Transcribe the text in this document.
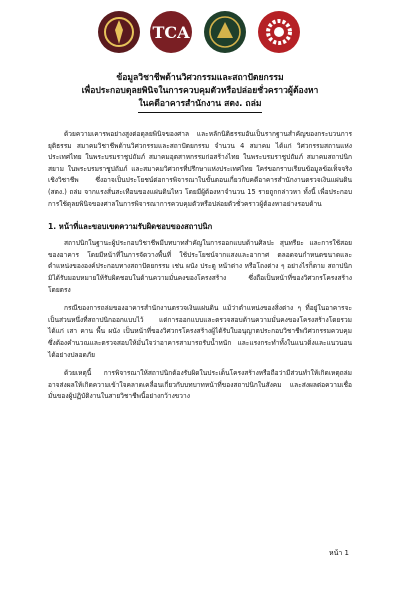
TCA
ข้อมูลวิชาชีพด้านวิศวกรรมและสถาปัตยกรรม
เพื่อประกอบดุลยพินิจในการควบคุมตัวหรือปล่อยชั่วคราวผู้ต้องหา
ในคดีอาคารสำนักงาน สตง. ถล่ม

ด้วยความเคารพอย่างสูงต่อดุลยพินิจของศาล และหลักนิติธรรมอันเป็นรากฐานสำคัญของกระบวนการยุติธรรม สมาคมวิชาชีพด้านวิศวกรรมและสถาปัตยกรรม จำนวน 4 สมาคม ได้แก่ วิศวกรรมสถานแห่งประเทศไทย ในพระบรมราชูปถัมภ์ สมาคมอุตสาหกรรมก่อสร้างไทย ในพระบรมราชูปถัมภ์ สมาคมสถาปนิกสยาม ในพระบรมราชูปถัมภ์ และสมาคมวิศวกรที่ปรึกษาแห่งประเทศไทย ใคร่ขอกราบเรียนข้อมูลข้อเท็จจริงเชิงวิชาชีพ ซึ่งอาจเป็นประโยชน์ต่อการพิจารณาในขั้นตอนเกี่ยวกับคดีอาคารสำนักงานตรวจเงินแผ่นดิน (สตง.) ถล่ม จากแรงสั่นสะเทือนของแผ่นดินไหว โดยมีผู้ต้องหาจำนวน 15 รายถูกกล่าวหา ทั้งนี้ เพื่อประกอบการใช้ดุลยพินิจของศาลในการพิจารณาการควบคุมตัวหรือปล่อยตัวชั่วคราวผู้ต้องหาอย่างรอบด้าน

1. หน้าที่และขอบเขตความรับผิดชอบของสถาปนิก

สถาปนิกในฐานะผู้ประกอบวิชาชีพมีบทบาทสำคัญในการออกแบบด้านศิลปะ สุนทรียะ และการใช้สอยของอาคาร โดยมีหน้าที่ในการจัดวางพื้นที่ ใช้ประโยชน์จากแสงและอากาศ ตลอดจนกำหนดขนาดและตำแหน่งขององค์ประกอบทางสถาปัตยกรรม เช่น ผนัง ประตู หน้าต่าง หรือโถงต่าง ๆ อย่างไรก็ตาม สถาปนิกมิได้รับมอบหมายให้รับผิดชอบในด้านความมั่นคงของโครงสร้าง ซึ่งถือเป็นหน้าที่ของวิศวกรโครงสร้างโดยตรง

กรณีของการถล่มของอาคารสำนักงานตรวจเงินแผ่นดิน แม้ว่าตำแหน่งของสิ่งต่าง ๆ ที่อยู่ในอาคารจะเป็นส่วนหนึ่งที่สถาปนิกออกแบบไว้ แต่การออกแบบและตรวจสอบด้านความมั่นคงของโครงสร้างโดยรวม ได้แก่ เสา คาน พื้น ผนัง เป็นหน้าที่ของวิศวกรโครงสร้างผู้ได้รับใบอนุญาตประกอบวิชาชีพวิศวกรรมควบคุม ซึ่งต้องคำนวณและตรวจสอบให้มั่นใจว่าอาคารสามารถรับน้ำหนัก และแรงกระทำทั้งในแนวดิ่งและแนวนอนได้อย่างปลอดภัย

ด้วยเหตุนี้ การพิจารณาให้สถาปนิกต้องรับผิดในประเด็นโครงสร้างหรือถือว่ามีส่วนทำให้เกิดเหตุถล่ม อาจส่งผลให้เกิดความเข้าใจคลาดเคลื่อนเกี่ยวกับบทบาทหน้าที่ของสถาปนิกในสังคม และส่งผลต่อความเชื่อมั่นของผู้ปฏิบัติงานในสายวิชาชีพนี้อย่างกว้างขวาง

หน้า 1
